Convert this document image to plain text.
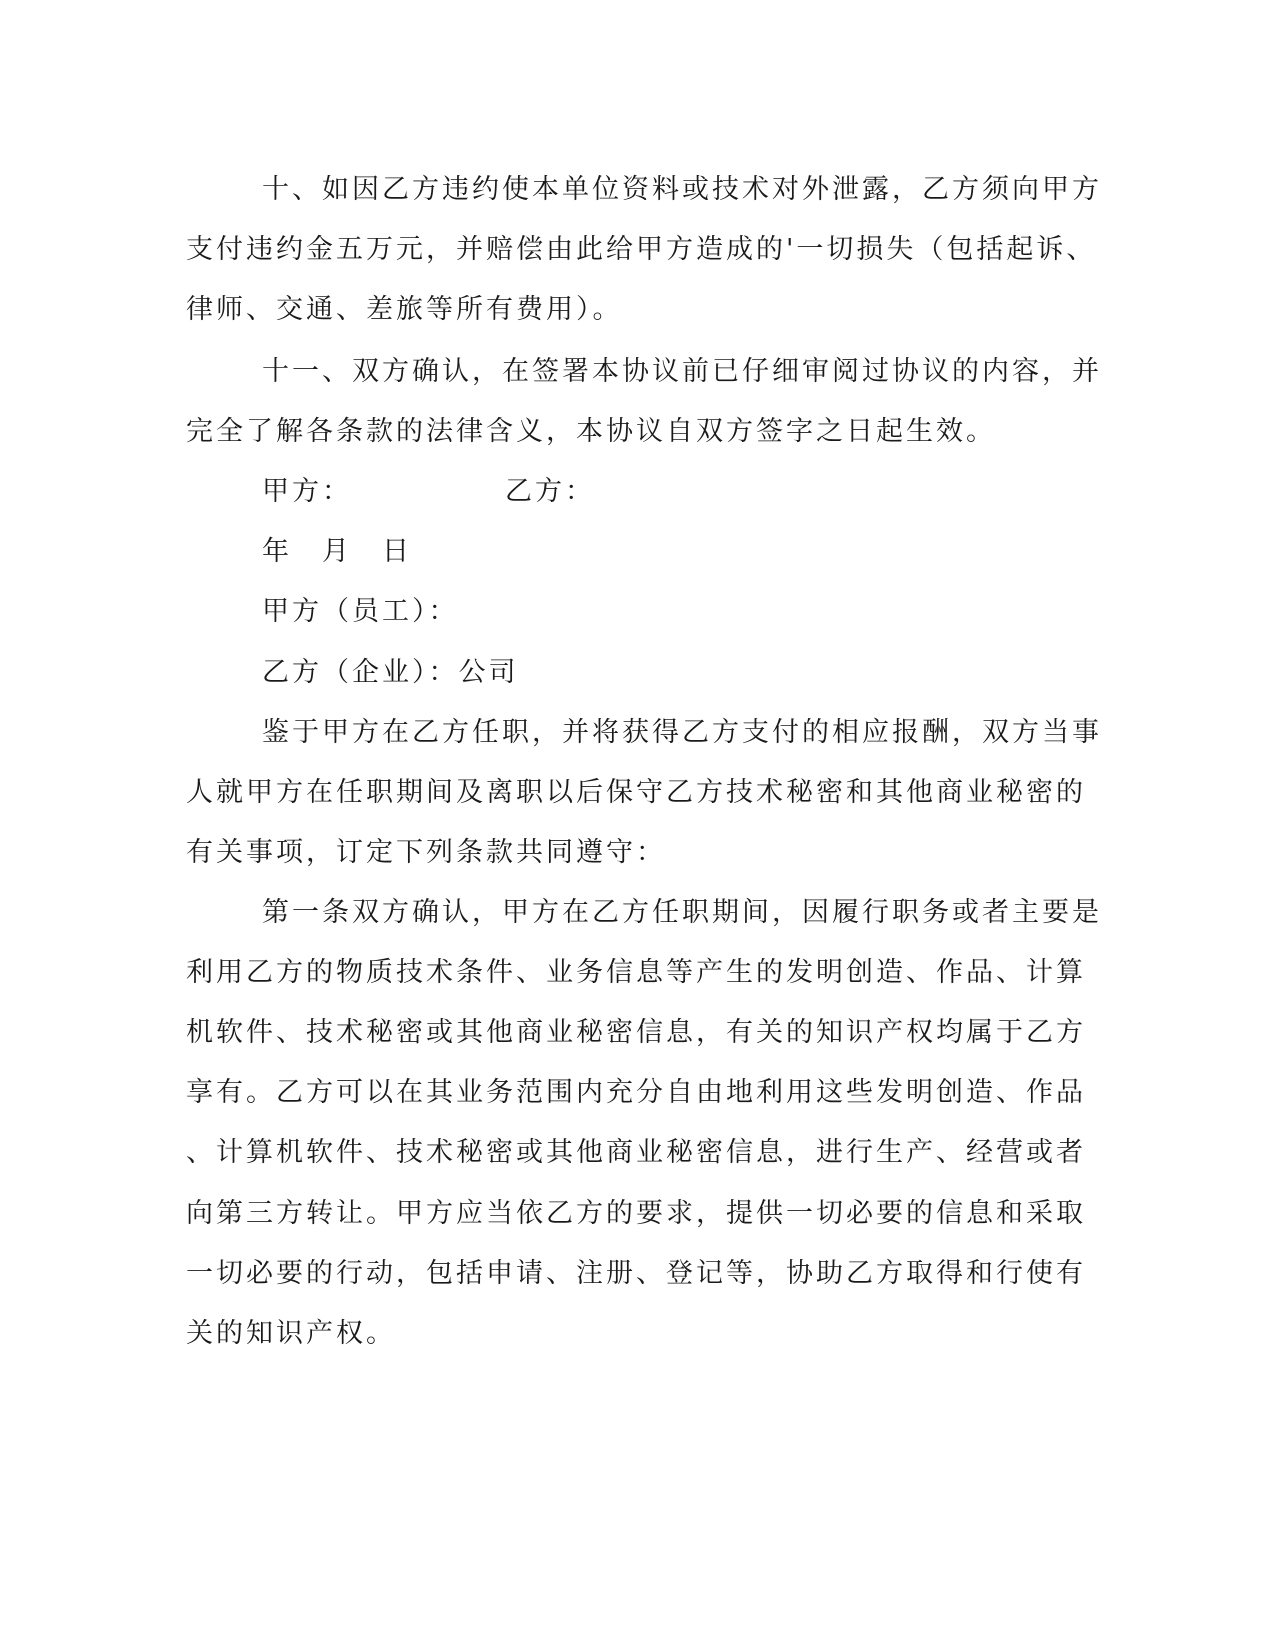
十、如因乙方违约使本单位资料或技术对外泄露，乙方须向甲方
支付违约金五万元，并赔偿由此给甲方造成的'一切损失（包括起诉、
律师、交通、差旅等所有费用）。
十一、双方确认，在签署本协议前已仔细审阅过协议的内容，并
完全了解各条款的法律含义，本协议自双方签字之日起生效。
甲方：	乙方：
年　月　日
甲方（员工）：
乙方（企业）：公司
鉴于甲方在乙方任职，并将获得乙方支付的相应报酬，双方当事
人就甲方在任职期间及离职以后保守乙方技术秘密和其他商业秘密的
有关事项，订定下列条款共同遵守：
第一条双方确认，甲方在乙方任职期间，因履行职务或者主要是
利用乙方的物质技术条件、业务信息等产生的发明创造、作品、计算
机软件、技术秘密或其他商业秘密信息，有关的知识产权均属于乙方
享有。乙方可以在其业务范围内充分自由地利用这些发明创造、作品
、计算机软件、技术秘密或其他商业秘密信息，进行生产、经营或者
向第三方转让。甲方应当依乙方的要求，提供一切必要的信息和采取
一切必要的行动，包括申请、注册、登记等，协助乙方取得和行使有
关的知识产权。
